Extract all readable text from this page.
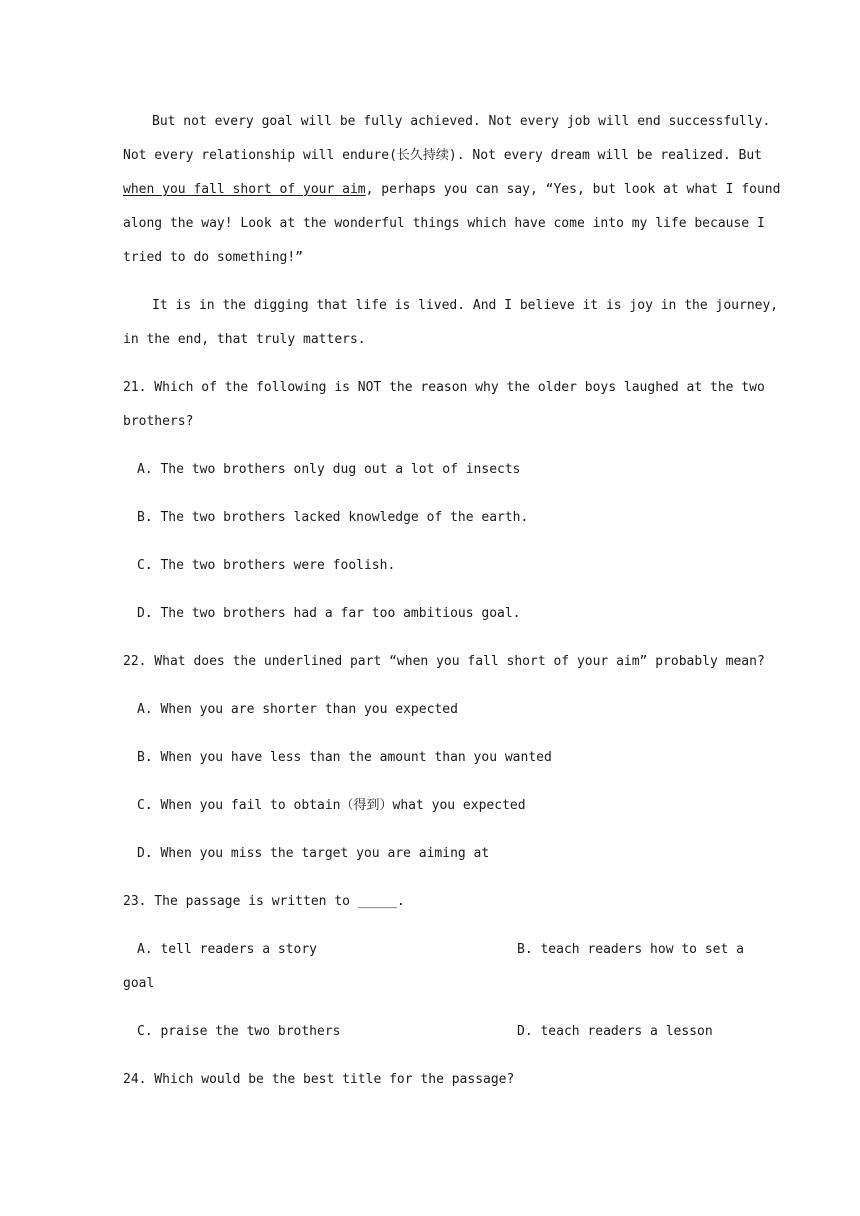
But not every goal will be fully achieved. Not every job will end successfully.
Not every relationship will endure(长久持续). Not every dream will be realized. But
when you fall short of your aim, perhaps you can say, “Yes, but look at what I found
along the way! Look at the wonderful things which have come into my life because I
tried to do something!”
It is in the digging that life is lived. And I believe it is joy in the journey,
in the end, that truly matters.
21. Which of the following is NOT the reason why the older boys laughed at the two
brothers?
A. The two brothers only dug out a lot of insects
B. The two brothers lacked knowledge of the earth.
C. The two brothers were foolish.
D. The two brothers had a far too ambitious goal.
22. What does the underlined part “when you fall short of your aim” probably mean?
A. When you are shorter than you expected
B. When you have less than the amount than you wanted
C. When you fail to obtain（得到）what you expected
D. When you miss the target you are aiming at
23. The passage is written to _____.
A. tell readers a story	B. teach readers how to set a
goal
C. praise the two brothers	D. teach readers a lesson
24. Which would be the best title for the passage?
